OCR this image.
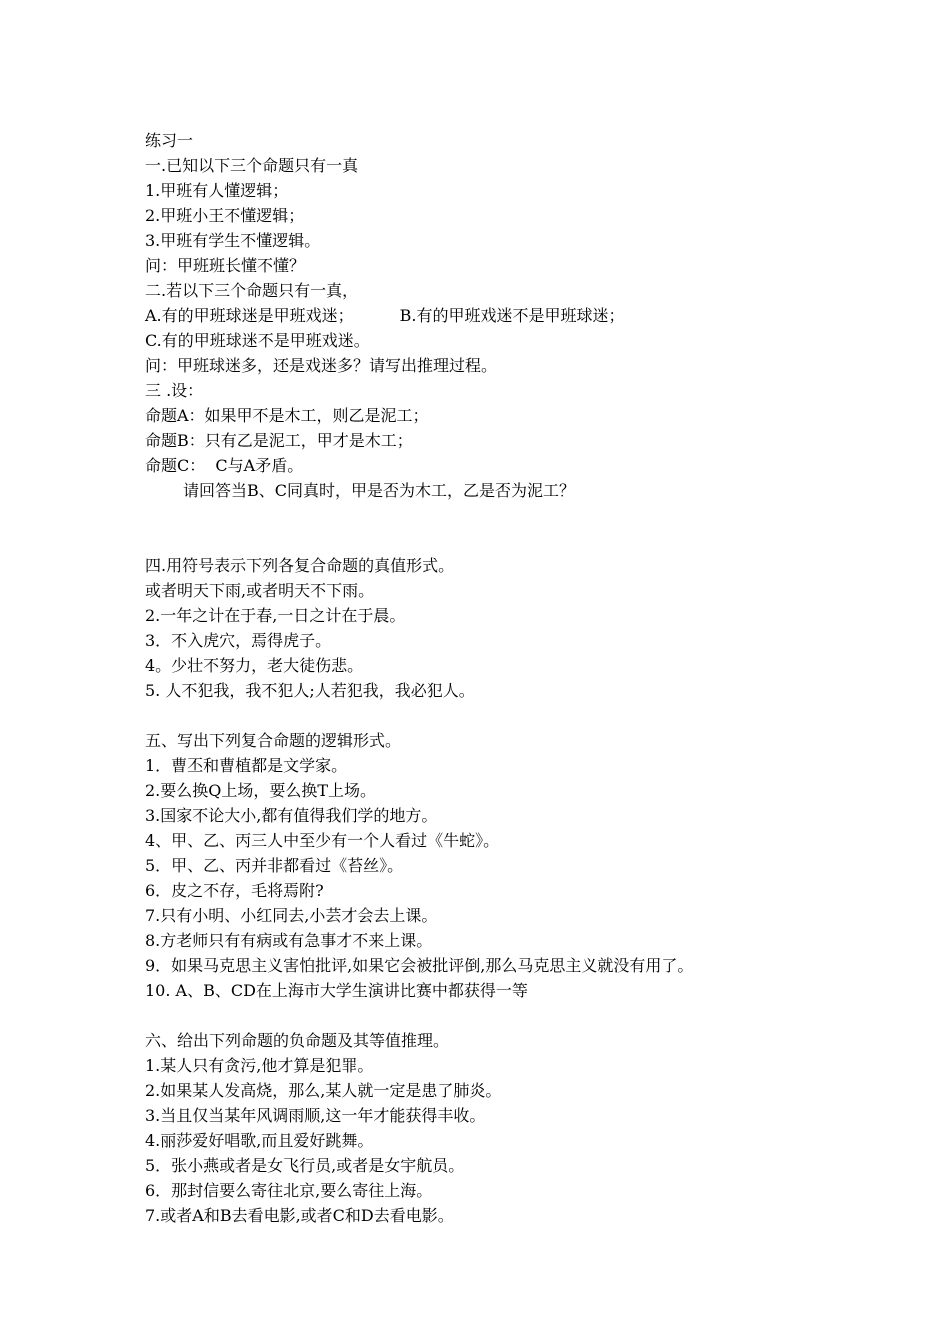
练习一
一.已知以下三个命题只有一真
1.甲班有人懂逻辑；
2.甲班小王不懂逻辑；
3.甲班有学生不懂逻辑。
问：甲班班长懂不懂？
二.若以下三个命题只有一真，
A.有的甲班球迷是甲班戏迷；	B.有的甲班戏迷不是甲班球迷；
C.有的甲班球迷不是甲班戏迷。
问：甲班球迷多，还是戏迷多？请写出推理过程。
三 .设：
命题A：如果甲不是木工，则乙是泥工；
命题B：只有乙是泥工，甲才是木工；
命题C：  C与A矛盾。
请回答当B、C同真时，甲是否为木工，乙是否为泥工？
四.用符号表示下列各复合命题的真值形式。
或者明天下雨,或者明天不下雨。
2.一年之计在于春,一日之计在于晨。
3．不入虎穴，焉得虎子。
4。少壮不努力，老大徒伤悲。
5. 人不犯我，我不犯人;人若犯我，我必犯人。
五、写出下列复合命题的逻辑形式。
1．曹丕和曹植都是文学家。
2.要么换Q上场，要么换T上场。
3.国家不论大小,都有值得我们学的地方。
4、甲、乙、丙三人中至少有一个人看过《牛蛇》。
5．甲、乙、丙并非都看过《苔丝》。
6．皮之不存，毛将焉附?
7.只有小明、小红同去,小芸才会去上课。
8.方老师只有有病或有急事才不来上课。
9．如果马克思主义害怕批评,如果它会被批评倒,那么马克思主义就没有用了。
10. A、B、CD在上海市大学生演讲比赛中都获得一等
六、给出下列命题的负命题及其等值推理。
1.某人只有贪污,他才算是犯罪。
2.如果某人发高烧，那么,某人就一定是患了肺炎。
3.当且仅当某年风调雨顺,这一年才能获得丰收。
4.丽莎爱好唱歌,而且爱好跳舞。
5．张小燕或者是女飞行员,或者是女宇航员。
6．那封信要么寄往北京,要么寄往上海。
7.或者A和B去看电影,或者C和D去看电影。
